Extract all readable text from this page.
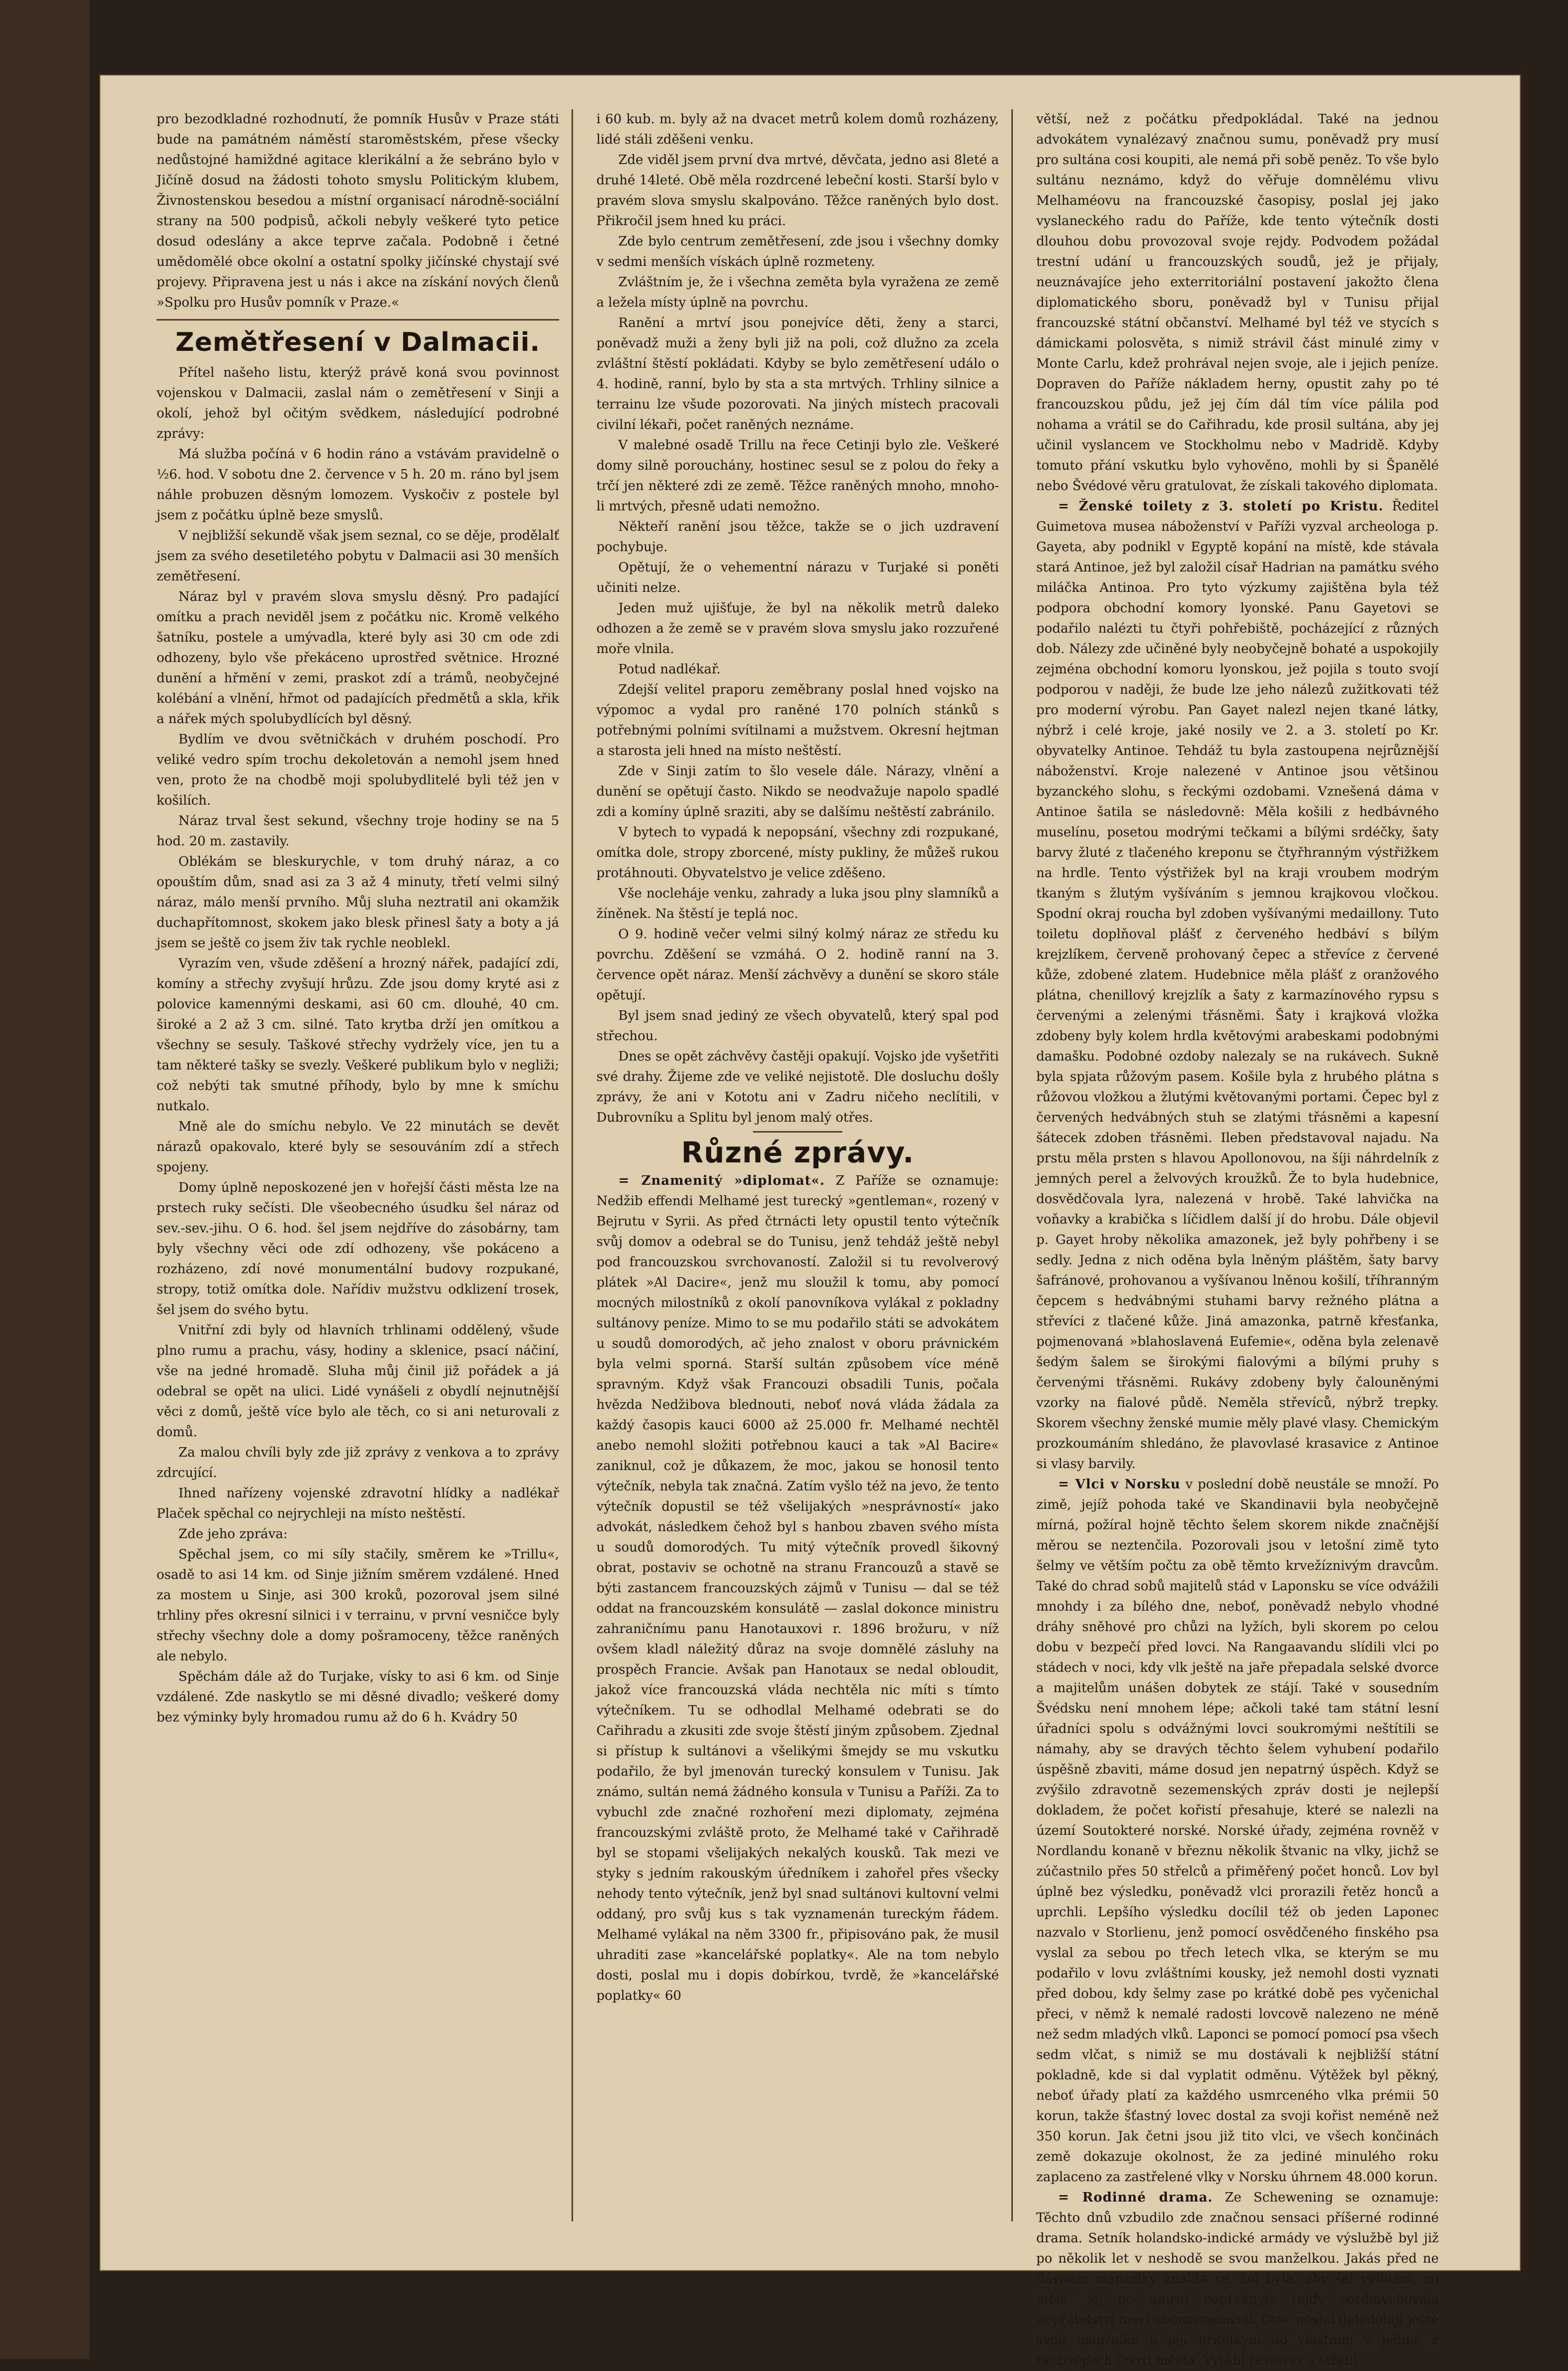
pro bezodkladné rozhodnutí, že pomník Husův v Praze státi bude na památném náměstí staroměstském, přese všecky nedůstojné hamiždné agitace klerikální a že sebráno bylo v Jičíně dosud na žádosti tohoto smyslu Politickým klubem, Živnostenskou besedou a místní organisací národně-sociální strany na 500 podpisů, ačkoli nebyly veškeré tyto petice dosud odeslány a akce teprve začala. Podobně i četné umědomělé obce okolní a ostatní spolky jičínské chystají své projevy. Připravena jest u nás i akce na získání nových členů »Spolku pro Husův pomník v Praze.«

Zemětřesení v Dalmacii.

Přítel našeho listu, kterýž právě koná svou povinnost vojenskou v Dalmacii, zaslal nám o zemětřesení v Sinji a okolí, jehož byl očitým svědkem, následující podrobné zprávy:

Má služba počíná v 6 hodin ráno a vstávám pravidelně o ½6. hod. V sobotu dne 2. července v 5 h. 20 m. ráno byl jsem náhle probuzen děsným lomozem. Vyskočiv z postele byl jsem z počátku úplně beze smyslů.

V nejbližší sekundě však jsem seznal, co se děje, prodělalť jsem za svého desetiletého pobytu v Dalmacii asi 30 menších zemětřesení.

Náraz byl v pravém slova smyslu děsný. Pro padající omítku a prach neviděl jsem z počátku nic. Kromě velkého šatníku, postele a umývadla, které byly asi 30 cm ode zdi odhozeny, bylo vše překáceno uprostřed světnice. Hrozné dunění a hřmění v zemi, praskot zdí a trámů, neobyčejné kolébání a vlnění, hřmot od padajících předmětů a skla, křik a nářek mých spolubydlících byl děsný.

Bydlím ve dvou světničkách v druhém poschodí. Pro veliké vedro spím trochu dekoletován a nemohl jsem hned ven, proto že na chodbě moji spolubydlitelé byli též jen v košilích.

Náraz trval šest sekund, všechny troje hodiny se na 5 hod. 20 m. zastavily.

Oblékám se bleskurychle, v tom druhý náraz, a co opouštím dům, snad asi za 3 až 4 minuty, třetí velmi silný náraz, málo menší prvního. Můj sluha neztratil ani okamžik duchapřítomnost, skokem jako blesk přinesl šaty a boty a já jsem se ještě co jsem živ tak rychle neoblekl.

Vyrazím ven, všude zděšení a hrozný nářek, padající zdi, komíny a střechy zvyšují hrůzu. Zde jsou domy kryté asi z polovice kamennými deskami, asi 60 cm. dlouhé, 40 cm. široké a 2 až 3 cm. silné. Tato krytba drží jen omítkou a všechny se sesuly. Taškové střechy vydržely více, jen tu a tam některé tašky se svezly. Veškeré publikum bylo v negliži; což nebýti tak smutné příhody, bylo by mne k smíchu nutkalo.

Mně ale do smíchu nebylo. Ve 22 minutách se devět nárazů opakovalo, které byly se sesouváním zdí a střech spojeny.

Domy úplně neposkozené jen v hořejší části města lze na prstech ruky sečísti. Dle všeobecného úsudku šel náraz od sev.-sev.-jihu. O 6. hod. šel jsem nejdříve do zásobárny, tam byly všechny věci ode zdí odhozeny, vše pokáceno a rozházeno, zdí nové monumentální budovy rozpukané, stropy, totiž omítka dole. Nařídiv mužstvu odklizení trosek, šel jsem do svého bytu.

Vnitřní zdi byly od hlavních trhlinami oddělený, všude plno rumu a prachu, vásy, hodiny a sklenice, psací náčiní, vše na jedné hromadě. Sluha můj činil již pořádek a já odebral se opět na ulici. Lidé vynášeli z obydlí nejnutnější věci z domů, ještě více bylo ale těch, co si ani neturovali z domů.

Za malou chvíli byly zde již zprávy z venkova a to zprávy zdrcující.

Ihned nařízeny vojenské zdravotní hlídky a nadlékař Plaček spěchal co nejrychleji na místo neštěstí.

Zde jeho zpráva:

Spěchal jsem, co mi síly stačily, směrem ke »Trillu«, osadě to asi 14 km. od Sinje jižním směrem vzdálené. Hned za mostem u Sinje, asi 300 kroků, pozoroval jsem silné trhliny přes okresní silnici i v terrainu, v první vesničce byly střechy všechny dole a domy pošramoceny, těžce raněných ale nebylo.

Spěchám dále až do Turjake, vísky to asi 6 km. od Sinje vzdálené. Zde naskytlo se mi děsné divadlo; veškeré domy bez výminky byly hromadou rumu až do 6 h. Kvádry 50

i 60 kub. m. byly až na dvacet metrů kolem domů rozházeny, lidé stáli zděšeni venku.

Zde viděl jsem první dva mrtvé, děvčata, jedno asi 8leté a druhé 14leté. Obě měla rozdrcené lebeční kosti. Starší bylo v pravém slova smyslu skalpováno. Těžce raněných bylo dost. Přikročil jsem hned ku práci.

Zde bylo centrum zemětřesení, zde jsou i všechny domky v sedmi menších vískách úplně rozmeteny.

Zvláštním je, že i všechna zeměta byla vyražena ze země a ležela místy úplně na povrchu.

Ranění a mrtví jsou ponejvíce děti, ženy a starci, poněvadž muži a ženy byli již na poli, což dlužno za zcela zvláštní štěstí pokládati. Kdyby se bylo zemětřesení událo o 4. hodině, ranní, bylo by sta a sta mrtvých. Trhliny silnice a terrainu lze všude pozorovati. Na jiných místech pracovali civilní lékaři, počet raněných neznáme.

V malebné osadě Trillu na řece Cetinji bylo zle. Veškeré domy silně porouchány, hostinec sesul se z polou do řeky a trčí jen některé zdi ze země. Těžce raněných mnoho, mnoho-li mrtvých, přesně udati nemožno.

Někteří ranění jsou těžce, takže se o jich uzdravení pochybuje.

Opětují, že o vehementní nárazu v Turjaké si poněti učiniti nelze.

Jeden muž ujišťuje, že byl na několik metrů daleko odhozen a že země se v pravém slova smyslu jako rozzuřené moře vlnila.

Potud nadlékař.

Zdejší velitel praporu zeměbrany poslal hned vojsko na výpomoc a vydal pro raněné 170 polních stánků s potřebnými polními svítilnami a mužstvem. Okresní hejtman a starosta jeli hned na místo neštěstí.

Zde v Sinji zatím to šlo vesele dále. Nárazy, vlnění a dunění se opětují často. Nikdo se neodvažuje napolo spadlé zdi a komíny úplně sraziti, aby se dalšímu neštěstí zabránilo.

V bytech to vypadá k nepopsání, všechny zdi rozpukané, omítka dole, stropy zborcené, místy pukliny, že můžeš rukou protáhnouti. Obyvatelstvo je velice zděšeno.

Vše nocleháje venku, zahrady a luka jsou plny slamníků a žíněnek. Na štěstí je teplá noc.

O 9. hodině večer velmi silný kolmý náraz ze středu ku povrchu. Zděšení se vzmáhá. O 2. hodině ranní na 3. července opět náraz. Menší záchvěvy a dunění se skoro stále opětují.

Byl jsem snad jediný ze všech obyvatelů, který spal pod střechou.

Dnes se opět záchvěvy častěji opakují. Vojsko jde vyšetřiti své drahy. Žijeme zde ve veliké nejistotě. Dle dosluchu došly zprávy, že ani v Kototu ani v Zadru ničeho neclítili, v Dubrovníku a Splitu byl jenom malý otřes.

Různé zprávy.

= Znamenitý »diplomat«. Z Paříže se oznamuje: Nedžib effendi Melhamé jest turecký »gentleman«, rozený v Bejrutu v Syrii. As před čtrnácti lety opustil tento výtečník svůj domov a odebral se do Tunisu, jenž tehdáž ještě nebyl pod francouzskou svrchovaností. Založil si tu revolverový plátek »Al Dacire«, jenž mu sloužil k tomu, aby pomocí mocných milostníků z okolí panovníkova vylákal z pokladny sultánovy peníze. Mimo to se mu podařilo státi se advokátem u soudů domorodých, ač jeho znalost v oboru právnickém byla velmi sporná. Starší sultán způsobem více méně spravným. Když však Francouzi obsadili Tunis, počala hvězda Nedžibova blednouti, neboť nová vláda žádala za každý časopis kauci 6000 až 25.000 fr. Melhamé nechtěl anebo nemohl složiti potřebnou kauci a tak »Al Bacire« zaniknul, což je důkazem, že moc, jakou se honosil tento výtečník, nebyla tak značná. Zatím vyšlo též na jevo, že tento výtečník dopustil se též všelijakých »nesprávností« jako advokát, následkem čehož byl s hanbou zbaven svého místa u soudů domorodých. Tu mitý výtečník provedl šikovný obrat, postaviv se ochotně na stranu Francouzů a stavě se býti zastancem francouzských zájmů v Tunisu — dal se též oddat na francouzském konsulátě — zaslal dokonce ministru zahraničnímu panu Hanotauxovi r. 1896 brožuru, v níž ovšem kladl náležitý důraz na svoje domnělé zásluhy na prospěch Francie. Avšak pan Hanotaux se nedal obloudit, jakož více francouzská vláda nechtěla nic míti s tímto výtečníkem. Tu se odhodlal Melhamé odebrati se do Cařihradu a zkusiti zde svoje štěstí jiným způsobem. Zjednal si přístup k sultánovi a všelikými šmejdy se mu vskutku podařilo, že byl jmenován turecký konsulem v Tunisu. Jak známo, sultán nemá žádného konsula v Tunisu a Paříži. Za to vybuchl zde značné rozhoření mezi diplomaty, zejména francouzskými zvláště proto, že Melhamé také v Cařihradě byl se stopami všelijakých nekalých kousků. Tak mezi ve styky s jedním rakouským úředníkem i zahořel přes všecky nehody tento výtečník, jenž byl snad sultánovi kultovní velmi oddaný, pro svůj kus s tak vyznamenán tureckým řádem. Melhamé vylákal na něm 3300 fr., připisováno pak, že musil uhraditi zase »kancelářské poplatky«. Ale na tom nebylo dosti, poslal mu i dopis dobírkou, tvrdě, že »kancelářské poplatky« 60

větší, než z počátku předpokládal. Také na jednou advokátem vynalézavý značnou sumu, poněvadž pry musí pro sultána cosi koupiti, ale nemá při sobě peněz. To vše bylo sultánu neznámo, když do věřuje domnělému vlivu Melhaméovu na francouzské časopisy, poslal jej jako vyslaneckého radu do Paříže, kde tento výtečník dosti dlouhou dobu provozoval svoje rejdy. Podvodem požádal trestní udání u francouzských soudů, jež je přijaly, neuznávajíce jeho exterritoriální postavení jakožto člena diplomatického sboru, poněvadž byl v Tunisu přijal francouzské státní občanství. Melhamé byl též ve stycích s dámickami polosvěta, s nimiž strávil část minulé zimy v Monte Carlu, kdež prohrával nejen svoje, ale i jejich peníze. Dopraven do Paříže nákladem herny, opustit zahy po té francouzskou půdu, jež jej čím dál tím více pálila pod nohama a vrátil se do Cařihradu, kde prosil sultána, aby jej učinil vyslancem ve Stockholmu nebo v Madridě. Kdyby tomuto přání vskutku bylo vyhověno, mohli by si Španělé nebo Švédové věru gratulovat, že získali takového diplomata.

= Ženské toilety z 3. století po Kristu. Ředitel Guimetova musea náboženství v Paříži vyzval archeologa p. Gayeta, aby podnikl v Egyptě kopání na místě, kde stávala stará Antinoe, jež byl založil císař Hadrian na památku svého miláčka Antinoa. Pro tyto výzkumy zajištěna byla též podpora obchodní komory lyonské. Panu Gayetovi se podařilo nalézti tu čtyři pohřebiště, pocházející z různých dob. Nálezy zde učiněné byly neobyčejně bohaté a uspokojily zejména obchodní komoru lyonskou, jež pojila s touto svojí podporou v naději, že bude lze jeho nálezů zužitkovati též pro moderní výrobu. Pan Gayet nalezl nejen tkané látky, nýbrž i celé kroje, jaké nosily ve 2. a 3. století po Kr. obyvatelky Antinoe. Tehdáž tu byla zastoupena nejrůznější náboženství. Kroje nalezené v Antinoe jsou většinou byzanckého slohu, s řeckými ozdobami. Vznešená dáma v Antinoe šatila se následovně: Měla košili z hedbávného muselínu, posetou modrými tečkami a bílými srdéčky, šaty barvy žluté z tlačeného kreponu se čtyřhranným výstřižkem na hrdle. Tento výstřižek byl na kraji vroubem modrým tkaným s žlutým vyšíváním s jemnou krajkovou vločkou. Spodní okraj roucha byl zdoben vyšívanými medaillony. Tuto toiletu doplňoval plášť z červeného hedbáví s bílým krejzlíkem, červeně prohovaný čepec a střevíce z červené kůže, zdobené zlatem. Hudebnice měla plášť z oranžového plátna, chenillový krejzlík a šaty z karmazínového rypsu s červenými a zelenými třásněmi. Šaty i krajková vložka zdobeny byly kolem hrdla květovými arabeskami podobnými damašku. Podobné ozdoby nalezaly se na rukávech. Sukně byla spjata růžovým pasem. Košile byla z hrubého plátna s růžovou vložkou a žlutými květovanými portami. Čepec byl z červených hedvábných stuh se zlatými třásněmi a kapesní šátecek zdoben třásněmi. Ileben představoval najadu. Na prstu měla prsten s hlavou Apollonovou, na šíji náhrdelník z jemných perel a želvových kroužků. Že to byla hudebnice, dosvědčovala lyra, nalezená v hrobě. Také lahvička na voňavky a krabička s líčidlem další jí do hrobu. Dále objevil p. Gayet hroby několika amazonek, jež byly pohřbeny i se sedly. Jedna z nich oděna byla lněným pláštěm, šaty barvy šafránové, prohovanou a vyšívanou lněnou košilí, tříhranným čepcem s hedvábnými stuhami barvy režného plátna a střevíci z tlačené kůže. Jiná amazonka, patrně křesťanka, pojmenovaná »blahoslavená Eufemie«, oděna byla zelenavě šedým šalem se širokými fialovými a bílými pruhy s červenými třásněmi. Rukávy zdobeny byly čalouněnými vzorky na fialové půdě. Neměla střevíců, nýbrž trepky. Skorem všechny ženské mumie měly plavé vlasy. Chemickým prozkoumáním shledáno, že plavovlasé krasavice z Antinoe si vlasy barvily.

= Vlci v Norsku v poslední době neustále se množí. Po zimě, jejíž pohoda také ve Skandinavii byla neobyčejně mírná, požíral hojně těchto šelem skorem nikde značnější měrou se neztenčila. Pozorovali jsou v letošní zimě tyto šelmy ve větším počtu za obě těmto krvežíznivým dravcům. Také do chrad sobů majitelů stád v Laponsku se více odvážili mnohdy i za bílého dne, neboť, poněvadž nebylo vhodné dráhy sněhové pro chůzi na lyžích, byli skorem po celou dobu v bezpečí před lovci. Na Rangaavandu slídili vlci po stádech v noci, kdy vlk ještě na jaře přepadala selské dvorce a majitelům unášen dobytek ze stájí. Také v sousedním Švédsku není mnohem lépe; ačkoli také tam státní lesní úřadníci spolu s odvážnými lovci soukromými neštítili se námahy, aby se dravých těchto šelem vyhubení podařilo úspěšně zbaviti, máme dosud jen nepatrný úspěch. Když se zvýšilo zdravotně sezemenských zpráv dosti je nejlepší dokladem, že počet kořistí přesahuje, které se nalezli na území Soutokteré norské. Norské úřady, zejména rovněž v Nordlandu konaně v březnu několik štvanic na vlky, jichž se zúčastnilo přes 50 střelců a přiměřený počet honců. Lov byl úplně bez výsledku, poněvadž vlci prorazili řetěz honců a uprchli. Lepšího výsledku docílil též ob jeden Laponec nazvalo v Storlienu, jenž pomocí osvědčeného finského psa vyslal za sebou po třech letech vlka, se kterým se mu podařilo v lovu zvláštními kousky, jež nemohl dosti vyznati před dobou, kdy šelmy zase po krátké době pes vyčenichal přeci, v němž k nemalé radosti lovcově nalezeno ne méně než sedm mladých vlků. Laponci se pomocí pomocí psa všech sedm vlčat, s nimiž se mu dostávali k nejbližší státní pokladně, kde si dal vyplatit odměnu. Výtěžek byl pěkný, neboť úřady platí za každého usmrceného vlka prémii 50 korun, takže šťastný lovec dostal za svoji kořist neméně než 350 korun. Jak četni jsou již tito vlci, ve všech končinách země dokazuje okolnost, že za jediné minulého roku zaplaceno za zastřelené vlky v Norsku úhrnem 48.000 korun.

= Rodinné drama. Ze Schewening se oznamuje: Těchto dnů vzbudilo zde značnou sensaci příšerné rodinné drama. Setník holandsko-indické armády ve výslužbě byl již po několik let v neshodě se svou manželkou. Jakás před ne dávnem manželky znalila se, šel byla, aby šel výhněm, co mělo, jej po úmrní nepřeknyje rejdy rozdmychovala nepřátelství mezi oběma manželi. Otec poslal dalodoluji ještě svoji manželku a její přítelkyni do vlastním v jediné z nejživějších čtvrtí města. Vytáhl revolver a střelil
